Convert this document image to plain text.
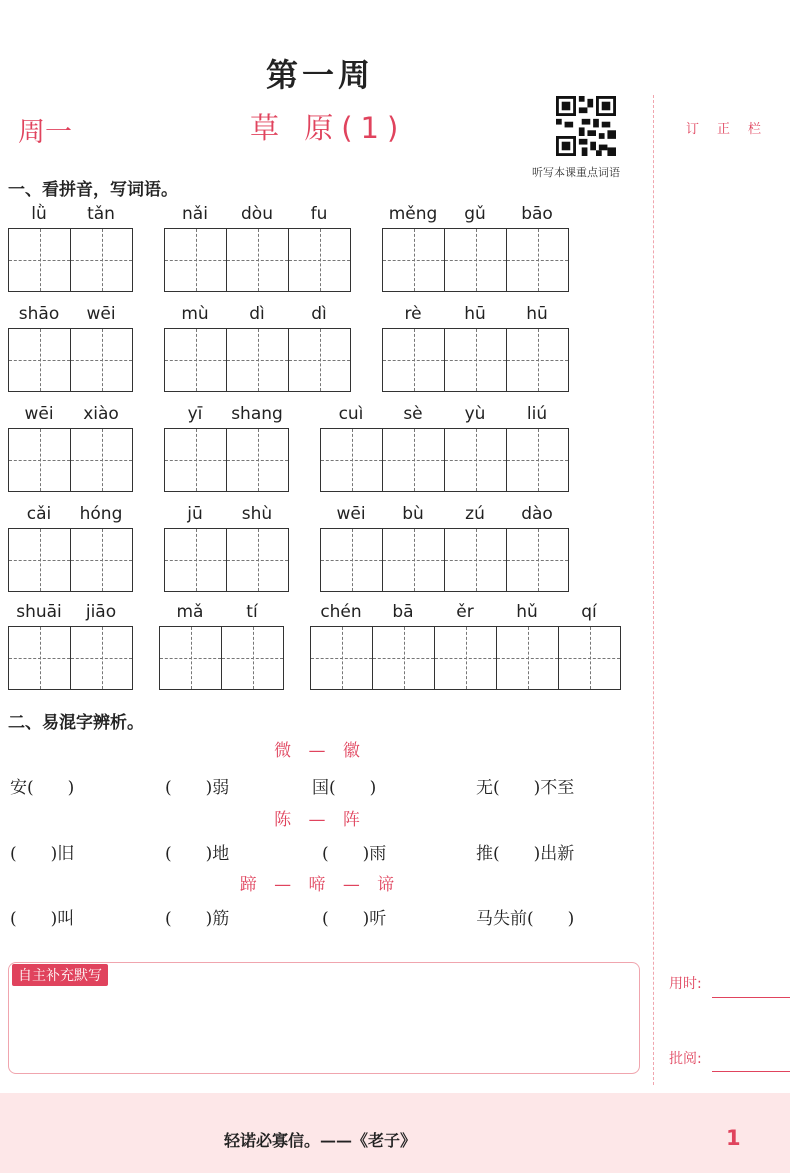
第一周
周一	草 原(1)
听写本课重点词语
订正栏
一、看拼音，写词语。
lǜ	tǎn	nǎi	dòu	fu	měng	gǔ	bāo
shāo	wēi	mù	dì	dì	rè	hū	hū
wēi	xiào	yī	shang	cuì	sè	yù	liú
cǎi	hóng	jū	shù	wēi	bù	zú	dào
shuāi	jiāo	mǎ	tí	chén	bā	ěr	hǔ	qí
二、易混字辨析。
微 — 徽
安(　　)	(　　)弱	国(　　)	无(　　)不至
陈 — 阵
(　　)旧	(　　)地	(　　)雨	推(　　)出新
蹄 — 啼 — 谛
(　　)叫	(　　)筋	(　　)听	马失前(　　)
自主补充默写	用时:
批阅:
轻诺必寡信。——《老子》	1
